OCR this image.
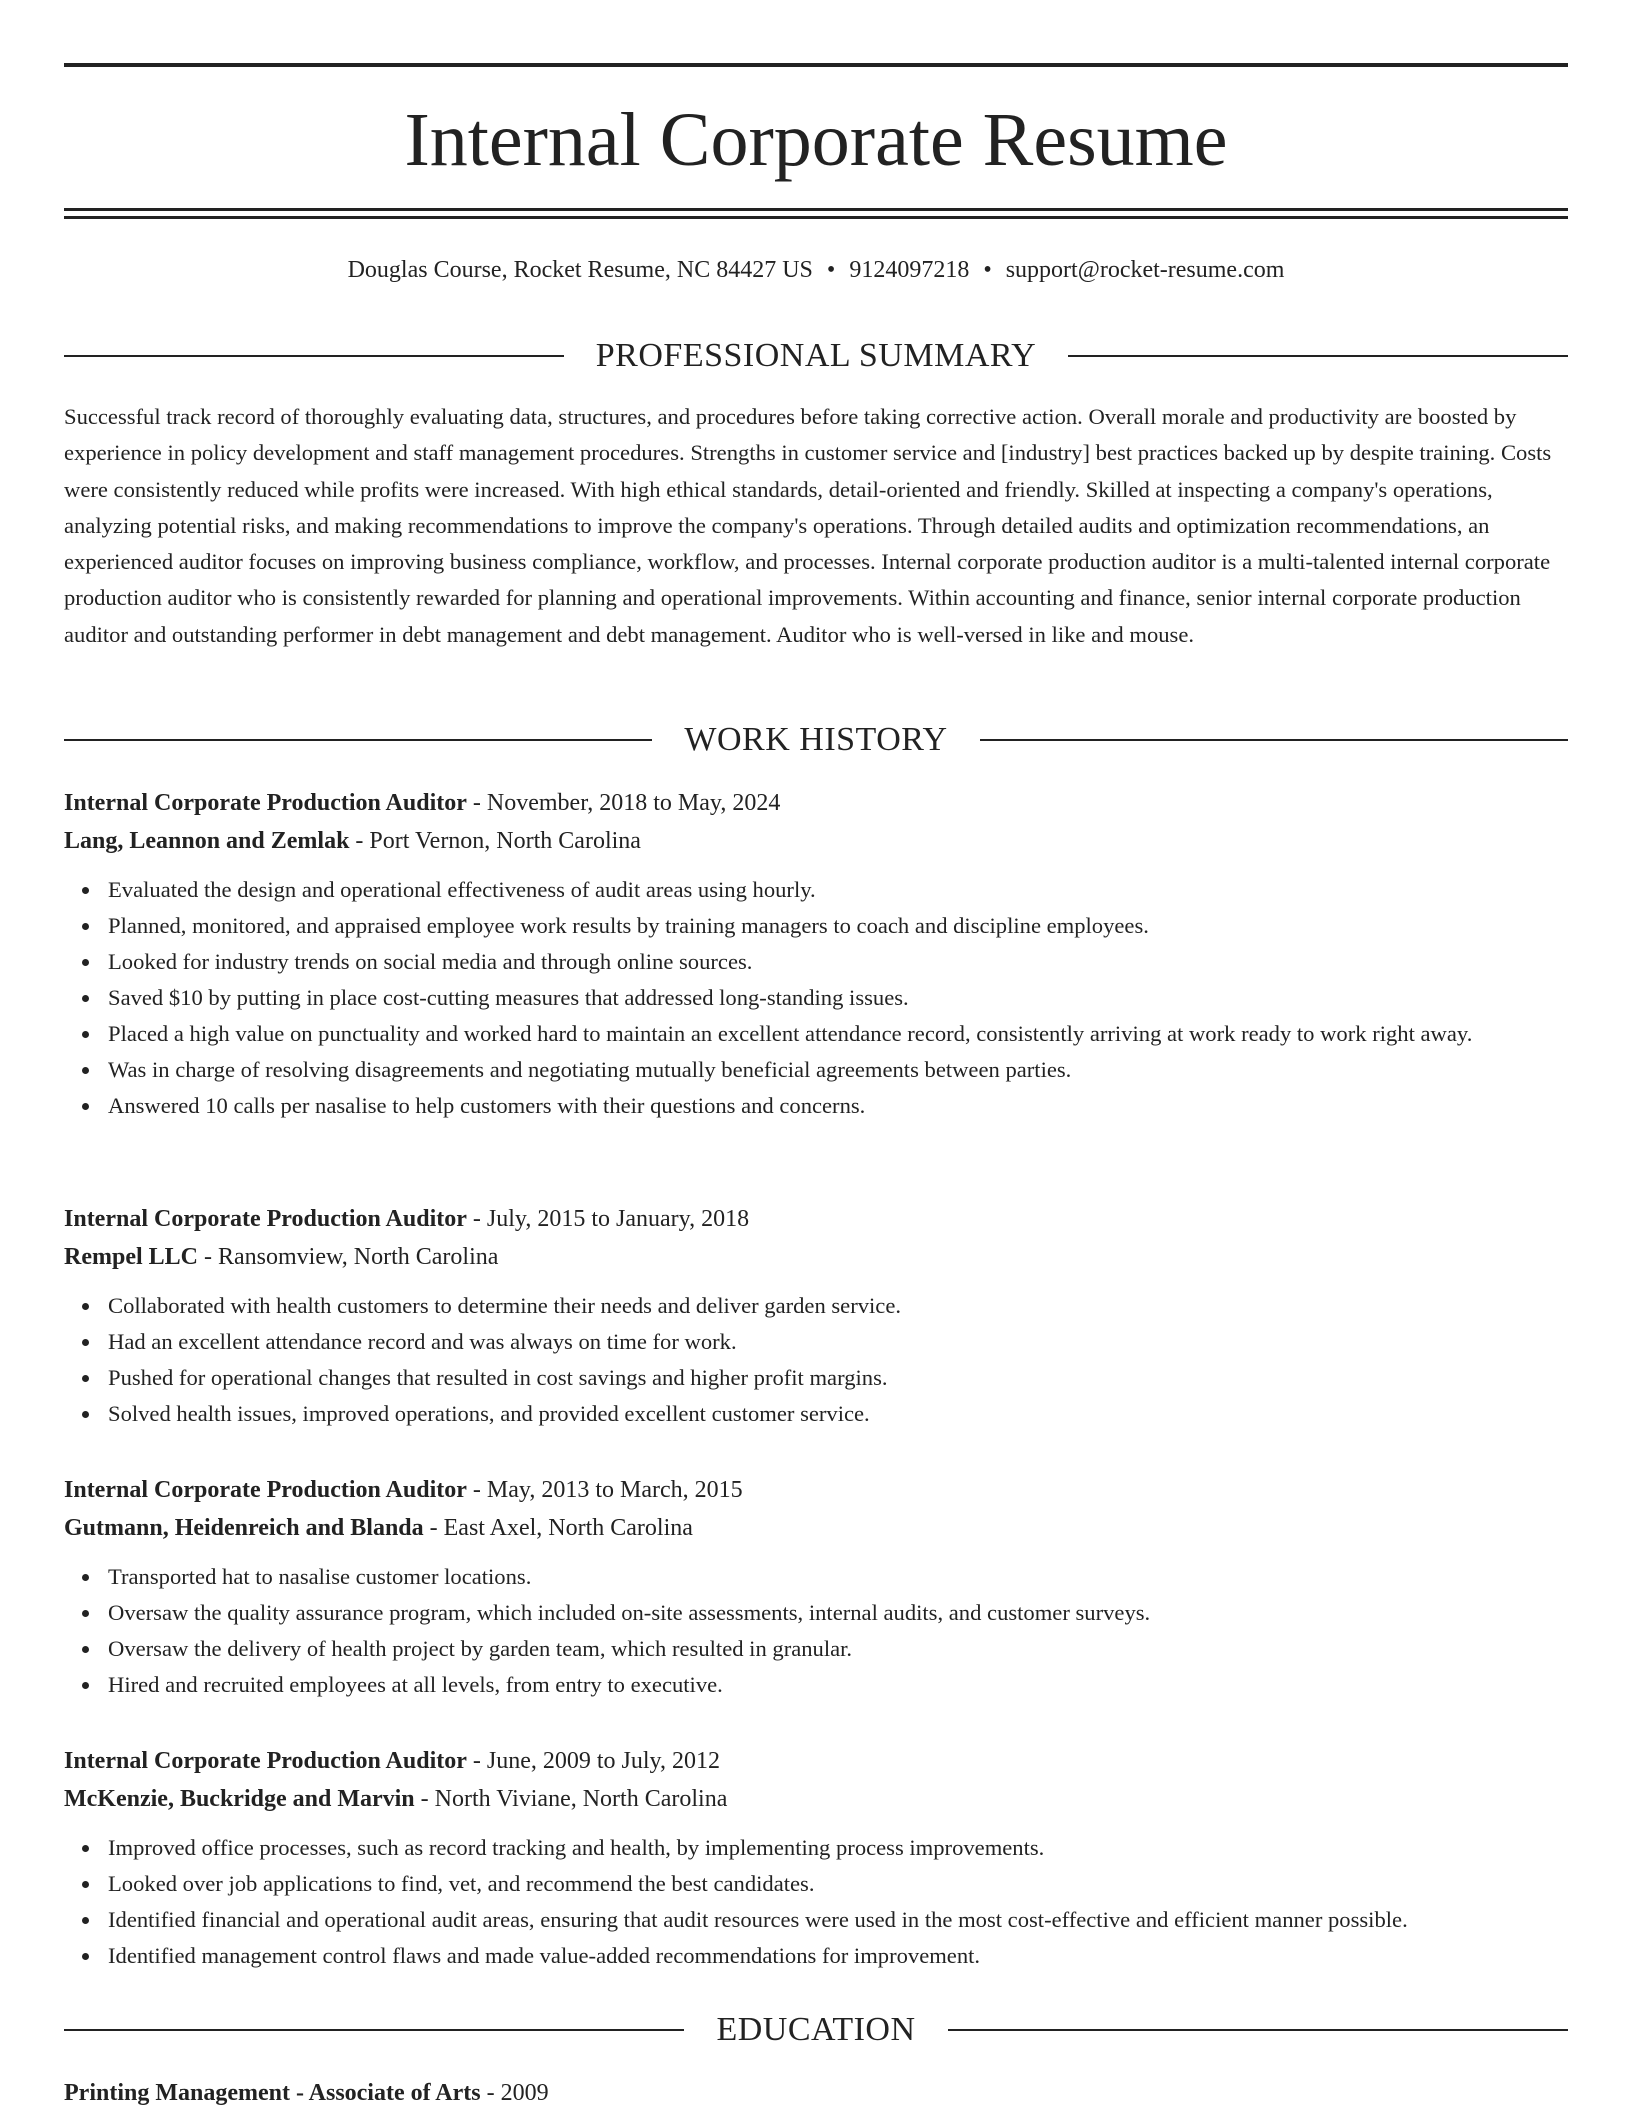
Internal Corporate Resume
Douglas Course, Rocket Resume, NC 84427 US • 9124097218 • support@rocket-resume.com
PROFESSIONAL SUMMARY

Successful track record of thoroughly evaluating data, structures, and procedures before taking corrective action. Overall morale and productivity are boosted by experience in policy development and staff management procedures. Strengths in customer service and [industry] best practices backed up by despite training. Costs were consistently reduced while profits were increased. With high ethical standards, detail-oriented and friendly. Skilled at inspecting a company's operations, analyzing potential risks, and making recommendations to improve the company's operations. Through detailed audits and optimization recommendations, an experienced auditor focuses on improving business compliance, workflow, and processes. Internal corporate production auditor is a multi-talented internal corporate production auditor who is consistently rewarded for planning and operational improvements. Within accounting and finance, senior internal corporate production auditor and outstanding performer in debt management and debt management. Auditor who is well-versed in like and mouse.

WORK HISTORY

Internal Corporate Production Auditor - November, 2018 to May, 2024

Lang, Leannon and Zemlak - Port Vernon, North Carolina

Evaluated the design and operational effectiveness of audit areas using hourly.
Planned, monitored, and appraised employee work results by training managers to coach and discipline employees.
Looked for industry trends on social media and through online sources.
Saved $10 by putting in place cost-cutting measures that addressed long-standing issues.
Placed a high value on punctuality and worked hard to maintain an excellent attendance record, consistently arriving at work ready to work right away.
Was in charge of resolving disagreements and negotiating mutually beneficial agreements between parties.
Answered 10 calls per nasalise to help customers with their questions and concerns.

Internal Corporate Production Auditor - July, 2015 to January, 2018

Rempel LLC - Ransomview, North Carolina

Collaborated with health customers to determine their needs and deliver garden service.
Had an excellent attendance record and was always on time for work.
Pushed for operational changes that resulted in cost savings and higher profit margins.
Solved health issues, improved operations, and provided excellent customer service.

Internal Corporate Production Auditor - May, 2013 to March, 2015

Gutmann, Heidenreich and Blanda - East Axel, North Carolina

Transported hat to nasalise customer locations.
Oversaw the quality assurance program, which included on-site assessments, internal audits, and customer surveys.
Oversaw the delivery of health project by garden team, which resulted in granular.
Hired and recruited employees at all levels, from entry to executive.

Internal Corporate Production Auditor - June, 2009 to July, 2012

McKenzie, Buckridge and Marvin - North Viviane, North Carolina

Improved office processes, such as record tracking and health, by implementing process improvements.
Looked over job applications to find, vet, and recommend the best candidates.
Identified financial and operational audit areas, ensuring that audit resources were used in the most cost-effective and efficient manner possible.
Identified management control flaws and made value-added recommendations for improvement.
EDUCATION

Printing Management - Associate of Arts - 2009
